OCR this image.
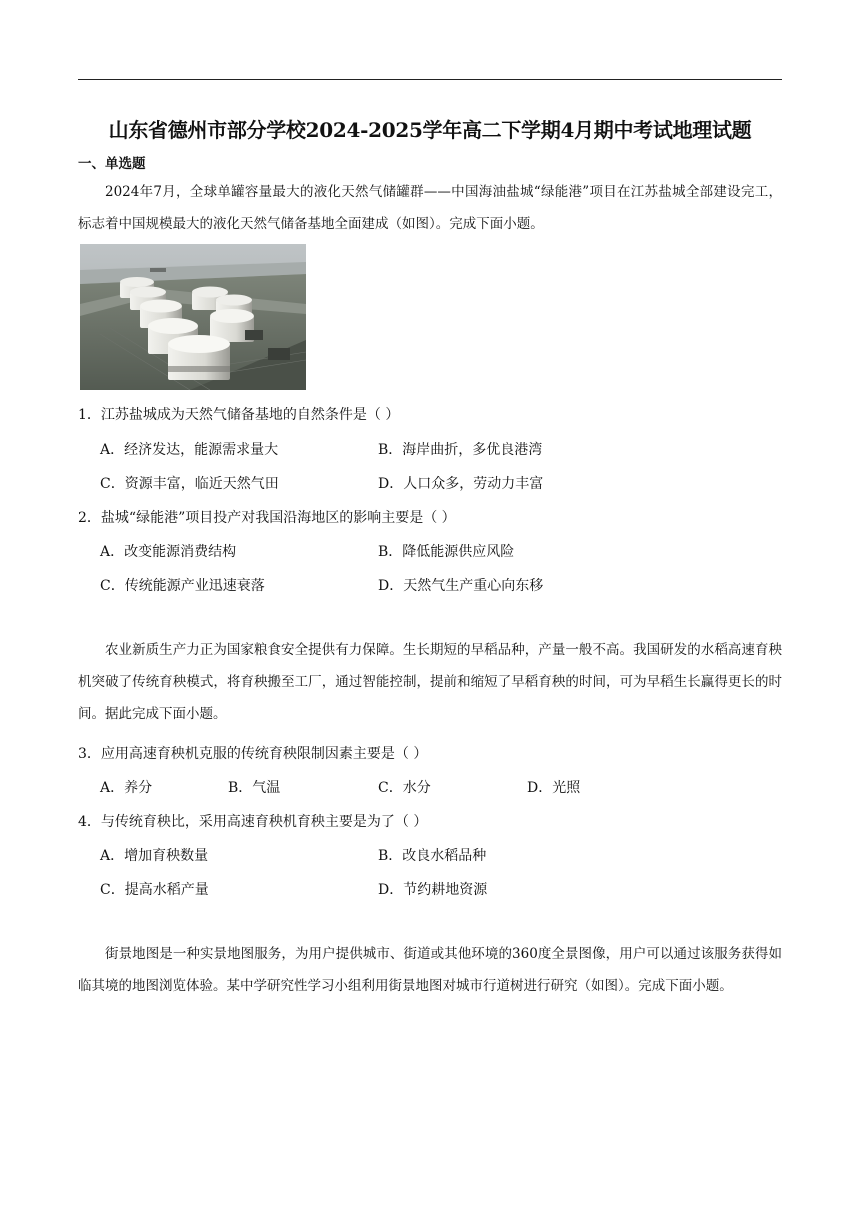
山东省德州市部分学校2024-2025学年高二下学期4月期中考试地理试题
一、单选题

2024年7月，全球单罐容量最大的液化天然气储罐群——中国海油盐城“绿能港”项目在江苏盐城全部建设完工，标志着中国规模最大的液化天然气储备基地全面建成（如图）。完成下面小题。

1．江苏盐城成为天然气储备基地的自然条件是（ ）
A．经济发达，能源需求量大	B．海岸曲折，多优良港湾
C．资源丰富，临近天然气田	D．人口众多，劳动力丰富
2．盐城“绿能港”项目投产对我国沿海地区的影响主要是（ ）
A．改变能源消费结构	B．降低能源供应风险
C．传统能源产业迅速衰落	D．天然气生产重心向东移

农业新质生产力正为国家粮食安全提供有力保障。生长期短的早稻品种，产量一般不高。我国研发的水稻高速育秧机突破了传统育秧模式，将育秧搬至工厂，通过智能控制，提前和缩短了早稻育秧的时间，可为早稻生长赢得更长的时间。据此完成下面小题。

3．应用高速育秧机克服的传统育秧限制因素主要是（ ）
A．养分	B．气温	C．水分	D．光照
4．与传统育秧比，采用高速育秧机育秧主要是为了（ ）
A．增加育秧数量	B．改良水稻品种
C．提高水稻产量	D．节约耕地资源

街景地图是一种实景地图服务，为用户提供城市、街道或其他环境的360度全景图像，用户可以通过该服务获得如临其境的地图浏览体验。某中学研究性学习小组利用街景地图对城市行道树进行研究（如图）。完成下面小题。
